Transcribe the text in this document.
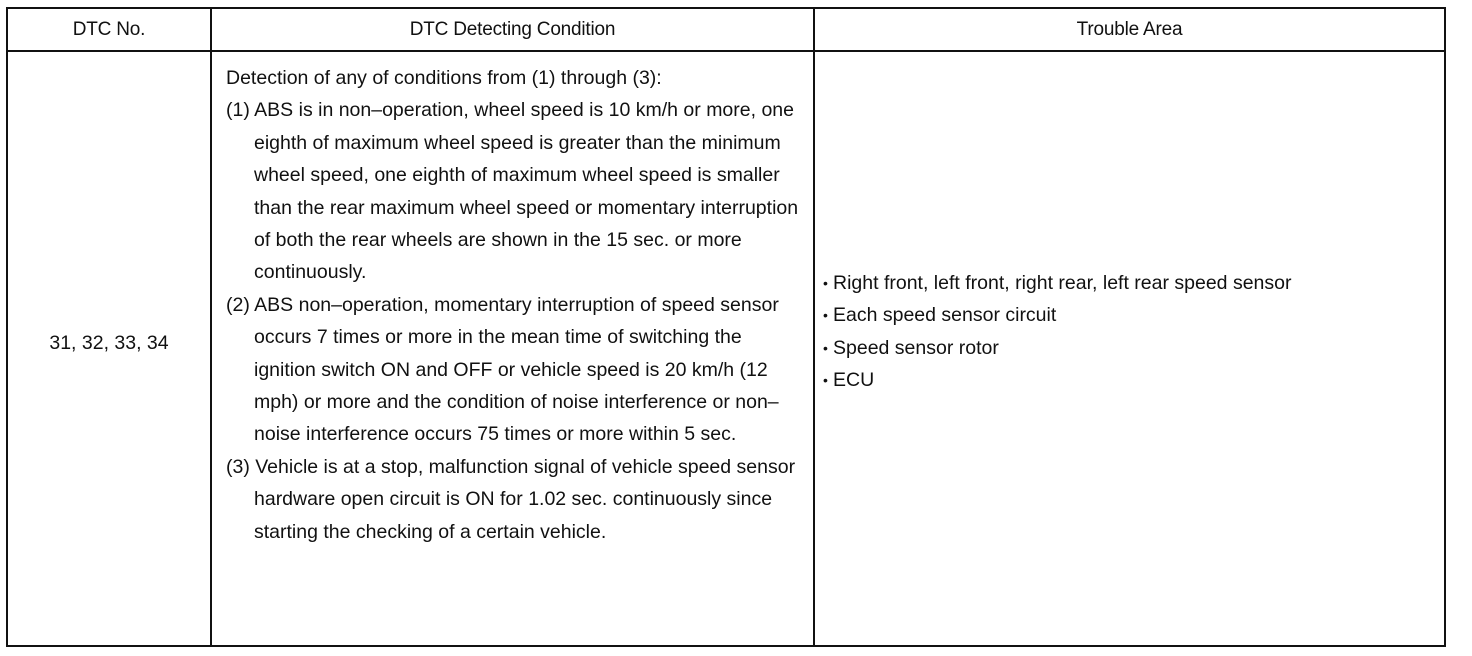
DTC No.	DTC Detecting Condition	Trouble Area
31, 32, 33, 34
Detection of any of conditions from (1) through (3):
(1) ABS is in non–operation, wheel speed is 10 km/h or more, one eighth of maximum wheel speed is greater than the minimum wheel speed, one eighth of maximum wheel speed is smaller than the rear maximum wheel speed or momentary interruption of both the rear wheels are shown in the 15 sec. or more continuously.
(2) ABS non–operation, momentary interruption of speed sensor occurs 7 times or more in the mean time of switching the ignition switch ON and OFF or vehicle speed is 20 km/h (12 mph) or more and the condition of noise interference or non–noise interference occurs 75 times or more within 5 sec.
(3) Vehicle is at a stop, malfunction signal of vehicle speed sensor hardware open circuit is ON for 1.02 sec. continuously since starting the checking of a certain vehicle.
• Right front, left front, right rear, left rear speed sensor
• Each speed sensor circuit
• Speed sensor rotor
• ECU
